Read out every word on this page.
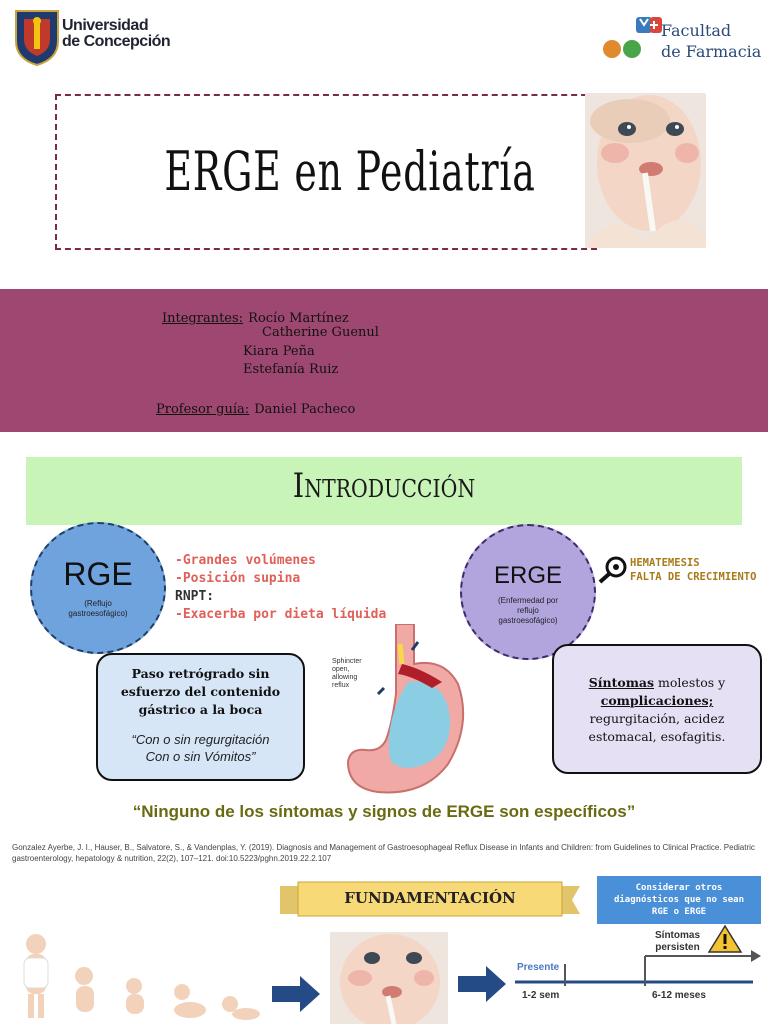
Universidad
de Concepción
Facultad
de Farmacia
ERGE en Pediatría
Integrantes: Rocío Martínez
Catherine Guenul
Kiara Peña
Estefanía Ruiz
Profesor guía: Daniel Pacheco
Introducción
RGE
(Reflujo gastroesofágico)
-Grandes volúmenes
-Posición supina
RNPT:
-Exacerba por dieta líquida
Paso retrógrado sin
esfuerzo del contenido
gástrico a la boca
“Con o sin regurgitación
Con o sin Vómitos”
Sphincter
open,
allowing
reflux
ERGE
(Enfermedad por
reflujo
gastroesofágico)
HEMATEMESIS
FALTA DE CRECIMIENTO
Síntomas molestos y
complicaciones;
regurgitación, acidez
estomacal, esofagitis.
“Ninguno de los síntomas y signos de ERGE son específicos”
Gonzalez Ayerbe, J. I., Hauser, B., Salvatore, S., & Vandenplas, Y. (2019). Diagnosis and Management of Gastroesophageal Reflux Disease in Infants and Children: from Guidelines to Clinical Practice. Pediatric gastroenterology, hepatology & nutrition, 22(2), 107–121. doi:10.5223/pghn.2019.22.2.107
FUNDAMENTACIÓN
Considerar otros
diagnósticos que no sean
RGE o ERGE
Presente
Síntomas
persisten
1-2 sem	6-12 meses
